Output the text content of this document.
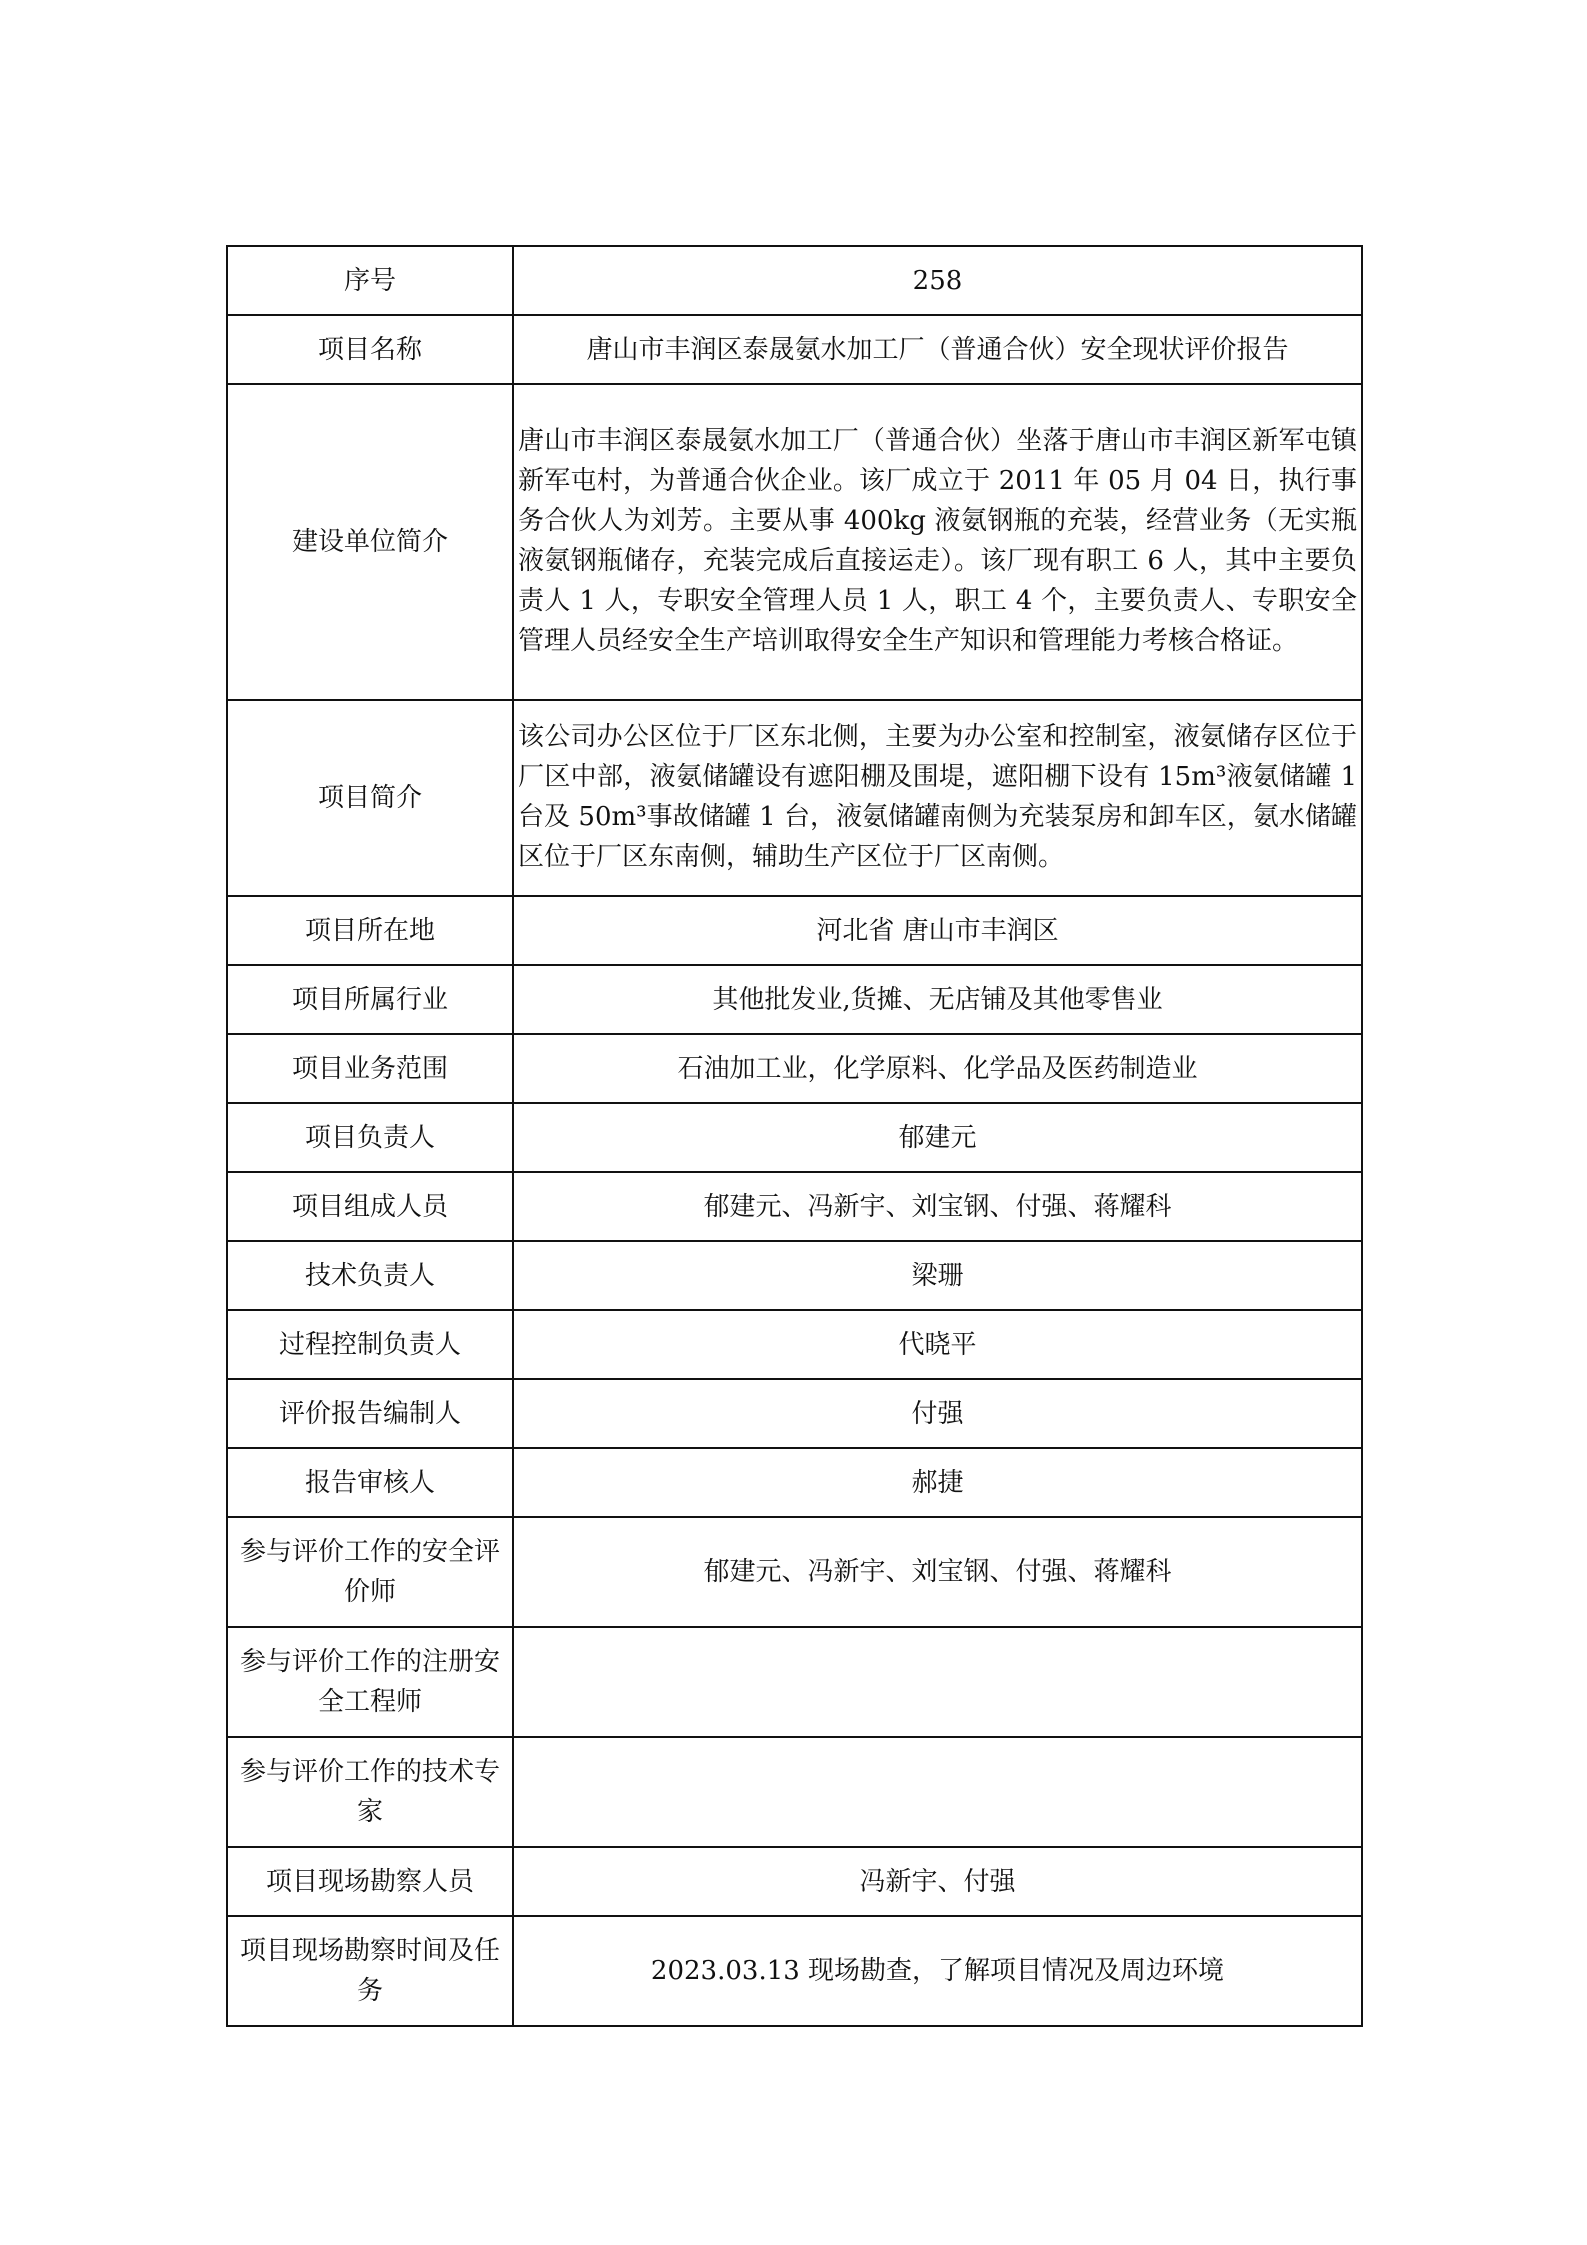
序号	258
项目名称	唐山市丰润区泰晟氨水加工厂（普通合伙）安全现状评价报告
建设单位简介	唐山市丰润区泰晟氨水加工厂（普通合伙）坐落于唐山市丰润区新军屯镇新军屯村，为普通合伙企业。该厂成立于 2011 年 05 月 04 日，执行事务合伙人为刘芳。主要从事 400kg 液氨钢瓶的充装，经营业务（无实瓶液氨钢瓶储存，充装完成后直接运走）。该厂现有职工 6 人，其中主要负责人 1 人，专职安全管理人员 1 人，职工 4 个，主要负责人、专职安全管理人员经安全生产培训取得安全生产知识和管理能力考核合格证。
项目简介	该公司办公区位于厂区东北侧，主要为办公室和控制室，液氨储存区位于厂区中部，液氨储罐设有遮阳棚及围堤，遮阳棚下设有 15m³液氨储罐 1 台及 50m³事故储罐 1 台，液氨储罐南侧为充装泵房和卸车区，氨水储罐区位于厂区东南侧，辅助生产区位于厂区南侧。
项目所在地	河北省 唐山市丰润区
项目所属行业	其他批发业,货摊、无店铺及其他零售业
项目业务范围	石油加工业，化学原料、化学品及医药制造业
项目负责人	郁建元
项目组成人员	郁建元、冯新宇、刘宝钢、付强、蒋耀科
技术负责人	梁珊
过程控制负责人	代晓平
评价报告编制人	付强
报告审核人	郝捷
参与评价工作的安全评价师	郁建元、冯新宇、刘宝钢、付强、蒋耀科
参与评价工作的注册安全工程师	
参与评价工作的技术专家	
项目现场勘察人员	冯新宇、付强
项目现场勘察时间及任务	2023.03.13 现场勘查，了解项目情况及周边环境
